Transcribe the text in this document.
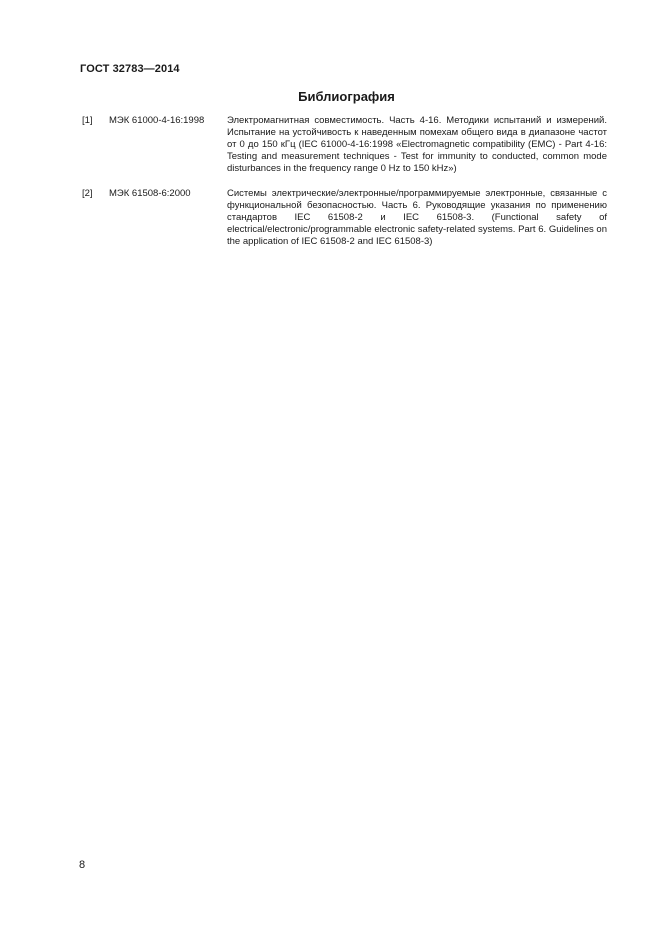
ГОСТ 32783—2014
Библиография
[1]	МЭК 61000-4-16:1998	Электромагнитная совместимость. Часть 4-16. Методики испытаний и измерений. Испытание на устойчивость к наведенным помехам общего вида в диапазоне частот от 0 до 150 кГц (IEC 61000-4-16:1998 «Electromagnetic compatibility (EMC) - Part 4-16: Testing and measurement techniques - Test for immunity to conducted, common mode disturbances in the frequency range 0 Hz to 150 kHz»)
[2]	МЭК 61508-6:2000	Системы электрические/электронные/программируемые электронные, связанные с функциональной безопасностью. Часть 6. Руководящие указания по применению стандартов IEC 61508-2 и IEC 61508-3. (Functional safety of electrical/electronic/programmable electronic safety-related systems. Part 6. Guidelines on the application of IEC 61508-2 and IEC 61508-3)
8
